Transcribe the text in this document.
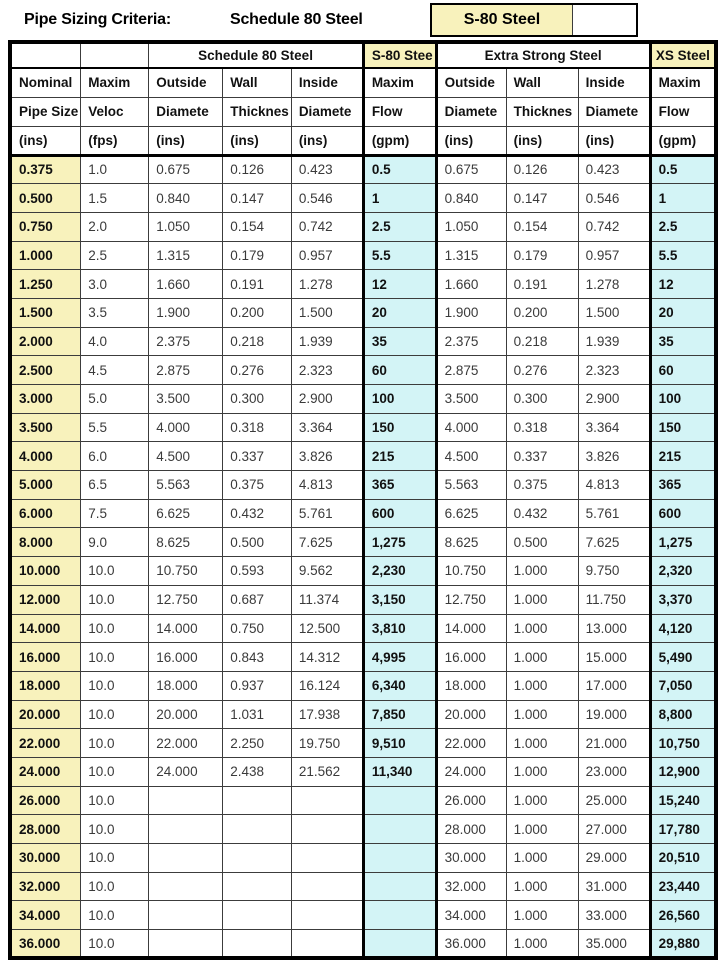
Pipe Sizing Criteria:	Schedule 80 Steel	S-80 Steel
		Schedule 80 Steel			S-80 Stee	Extra Strong Steel			XS Steel
Nominal	Maxim	Outside	Wall	Inside	Maxim	Outside	Wall	Inside	Maxim
Pipe Size	Veloc	Diamete	Thicknes	Diamete	Flow	Diamete	Thicknes	Diamete	Flow
(ins)	(fps)	(ins)	(ins)	(ins)	(gpm)	(ins)	(ins)	(ins)	(gpm)
0.375	1.0	0.675	0.126	0.423	0.5	0.675	0.126	0.423	0.5
0.500	1.5	0.840	0.147	0.546	1	0.840	0.147	0.546	1
0.750	2.0	1.050	0.154	0.742	2.5	1.050	0.154	0.742	2.5
1.000	2.5	1.315	0.179	0.957	5.5	1.315	0.179	0.957	5.5
1.250	3.0	1.660	0.191	1.278	12	1.660	0.191	1.278	12
1.500	3.5	1.900	0.200	1.500	20	1.900	0.200	1.500	20
2.000	4.0	2.375	0.218	1.939	35	2.375	0.218	1.939	35
2.500	4.5	2.875	0.276	2.323	60	2.875	0.276	2.323	60
3.000	5.0	3.500	0.300	2.900	100	3.500	0.300	2.900	100
3.500	5.5	4.000	0.318	3.364	150	4.000	0.318	3.364	150
4.000	6.0	4.500	0.337	3.826	215	4.500	0.337	3.826	215
5.000	6.5	5.563	0.375	4.813	365	5.563	0.375	4.813	365
6.000	7.5	6.625	0.432	5.761	600	6.625	0.432	5.761	600
8.000	9.0	8.625	0.500	7.625	1,275	8.625	0.500	7.625	1,275
10.000	10.0	10.750	0.593	9.562	2,230	10.750	1.000	9.750	2,320
12.000	10.0	12.750	0.687	11.374	3,150	12.750	1.000	11.750	3,370
14.000	10.0	14.000	0.750	12.500	3,810	14.000	1.000	13.000	4,120
16.000	10.0	16.000	0.843	14.312	4,995	16.000	1.000	15.000	5,490
18.000	10.0	18.000	0.937	16.124	6,340	18.000	1.000	17.000	7,050
20.000	10.0	20.000	1.031	17.938	7,850	20.000	1.000	19.000	8,800
22.000	10.0	22.000	2.250	19.750	9,510	22.000	1.000	21.000	10,750
24.000	10.0	24.000	2.438	21.562	11,340	24.000	1.000	23.000	12,900
26.000	10.0					26.000	1.000	25.000	15,240
28.000	10.0					28.000	1.000	27.000	17,780
30.000	10.0					30.000	1.000	29.000	20,510
32.000	10.0					32.000	1.000	31.000	23,440
34.000	10.0					34.000	1.000	33.000	26,560
36.000	10.0					36.000	1.000	35.000	29,880
